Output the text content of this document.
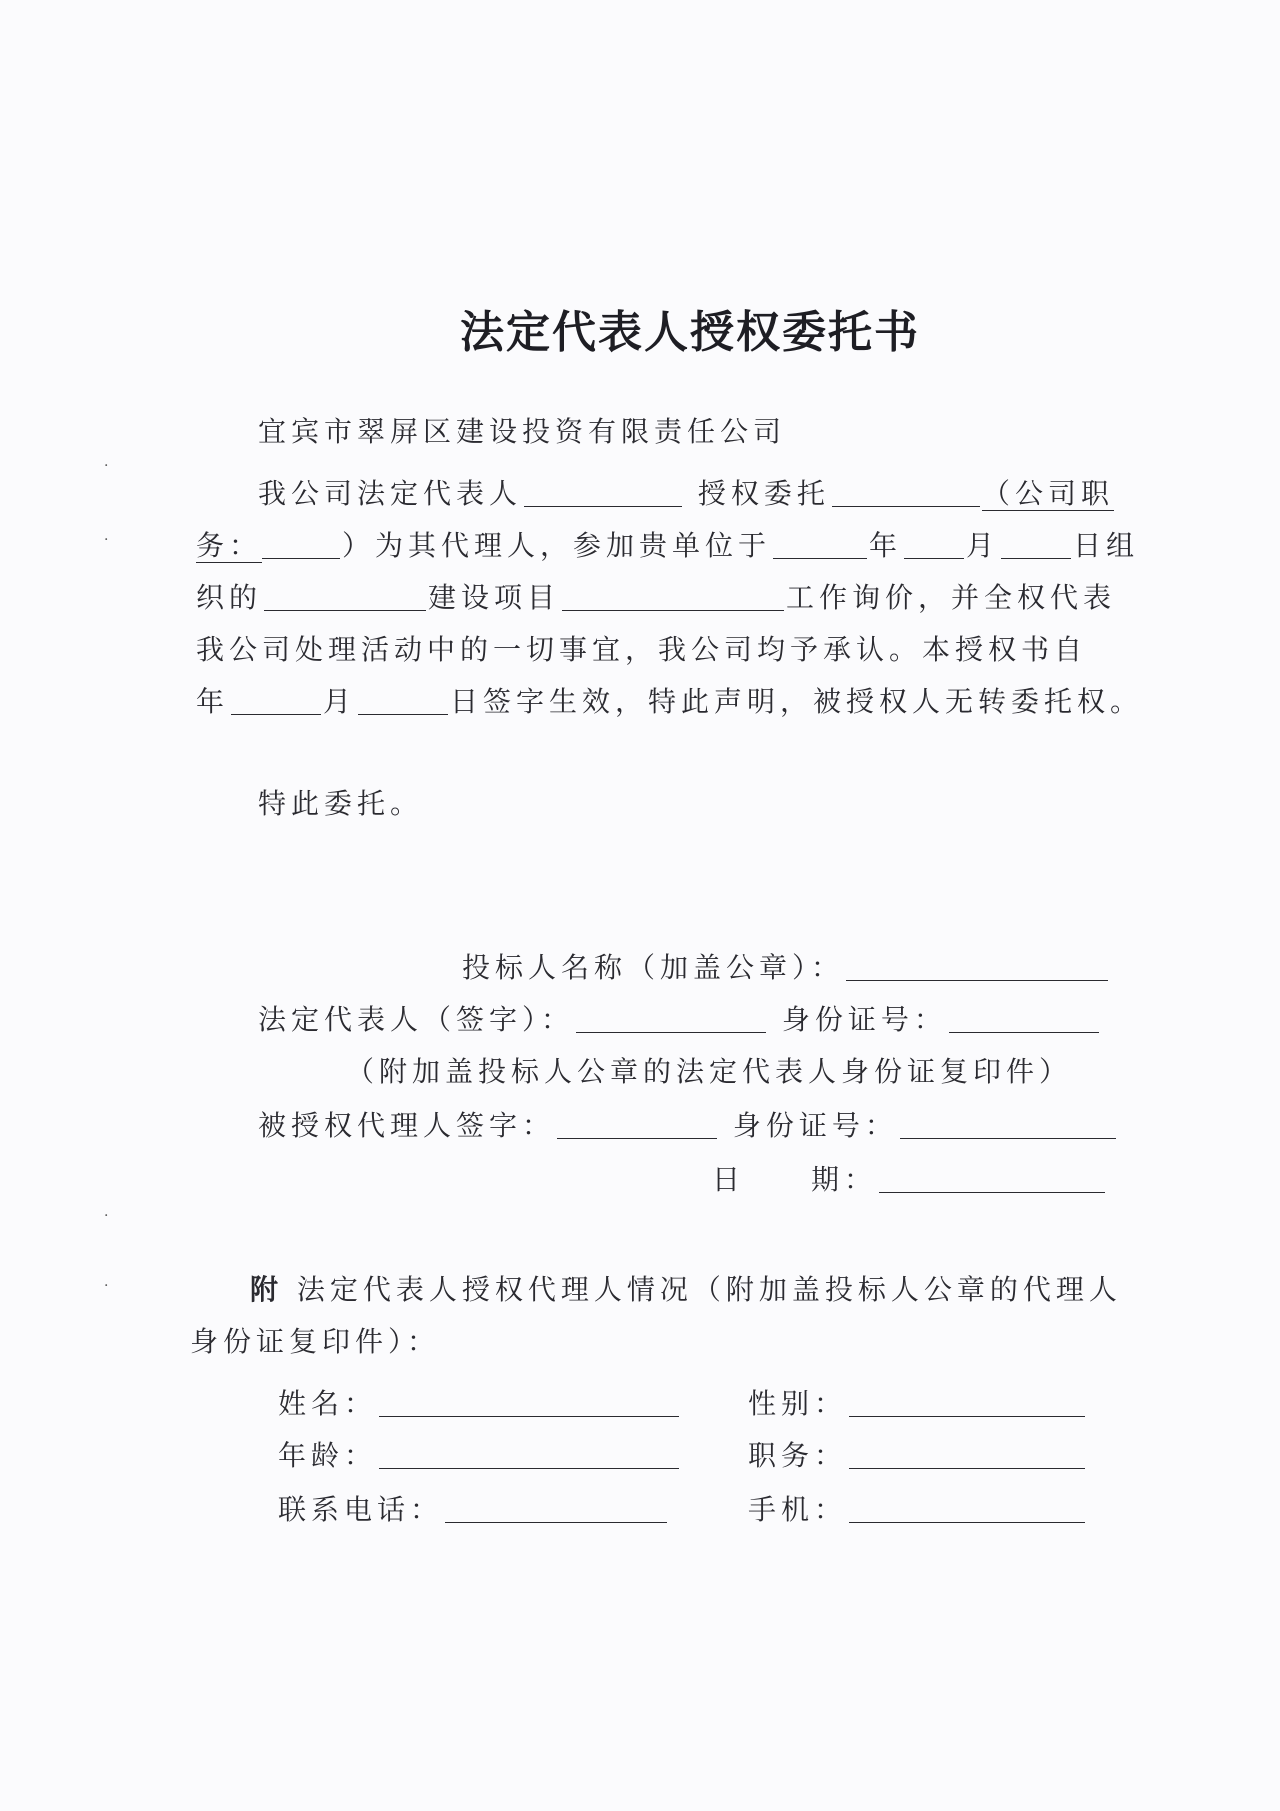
法定代表人授权委托书
宜宾市翠屏区建设投资有限责任公司
我公司法定代表人	授权委托	（公司职
务：	）为其代理人，参加贵单位于	年 月	日组
织的	建设项目	工作询价，并全权代表
我公司处理活动中的一切事宜，我公司均予承认。本授权书自
年	月	日签字生效，特此声明，被授权人无转委托权。
特此委托。
投标人名称（加盖公章）：
法定代表人（签字）：	身份证号：
（附加盖投标人公章的法定代表人身份证复印件）
被授权代理人签字：	身份证号：
日　　期：
附 法定代表人授权代理人情况（附加盖投标人公章的代理人
身份证复印件）：
姓名：	性别：
年龄：	职务：
联系电话：	手机：
·
·
·
·
